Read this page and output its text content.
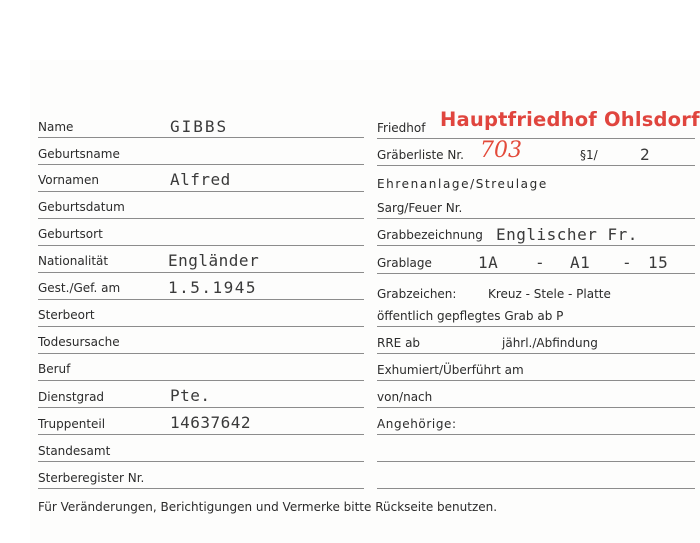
Name	GIBBS
Geburtsname
Vornamen	Alfred
Geburtsdatum
Geburtsort
Nationalität	Engländer
Gest./Gef. am	1.5.1945
Sterbeort
Todesursache
Beruf
Dienstgrad	Pte.
Truppenteil	14637642
Standesamt
Sterberegister Nr.
Friedhof Hauptfriedhof Ohlsdorf
Gräberliste Nr. 703	§1/	2
Ehrenanlage/Streulage
Sarg/Feuer Nr.
Grabbezeichnung Englischer Fr.
Grablage	1A - A1 - 15
Grabzeichen:	Kreuz - Stele - Platte
öffentlich gepflegtes Grab ab P
RRE ab	jährl./Abfindung
Exhumiert/Überführt am
von/nach
Angehörige:
Für Veränderungen, Berichtigungen und Vermerke bitte Rückseite benutzen.
